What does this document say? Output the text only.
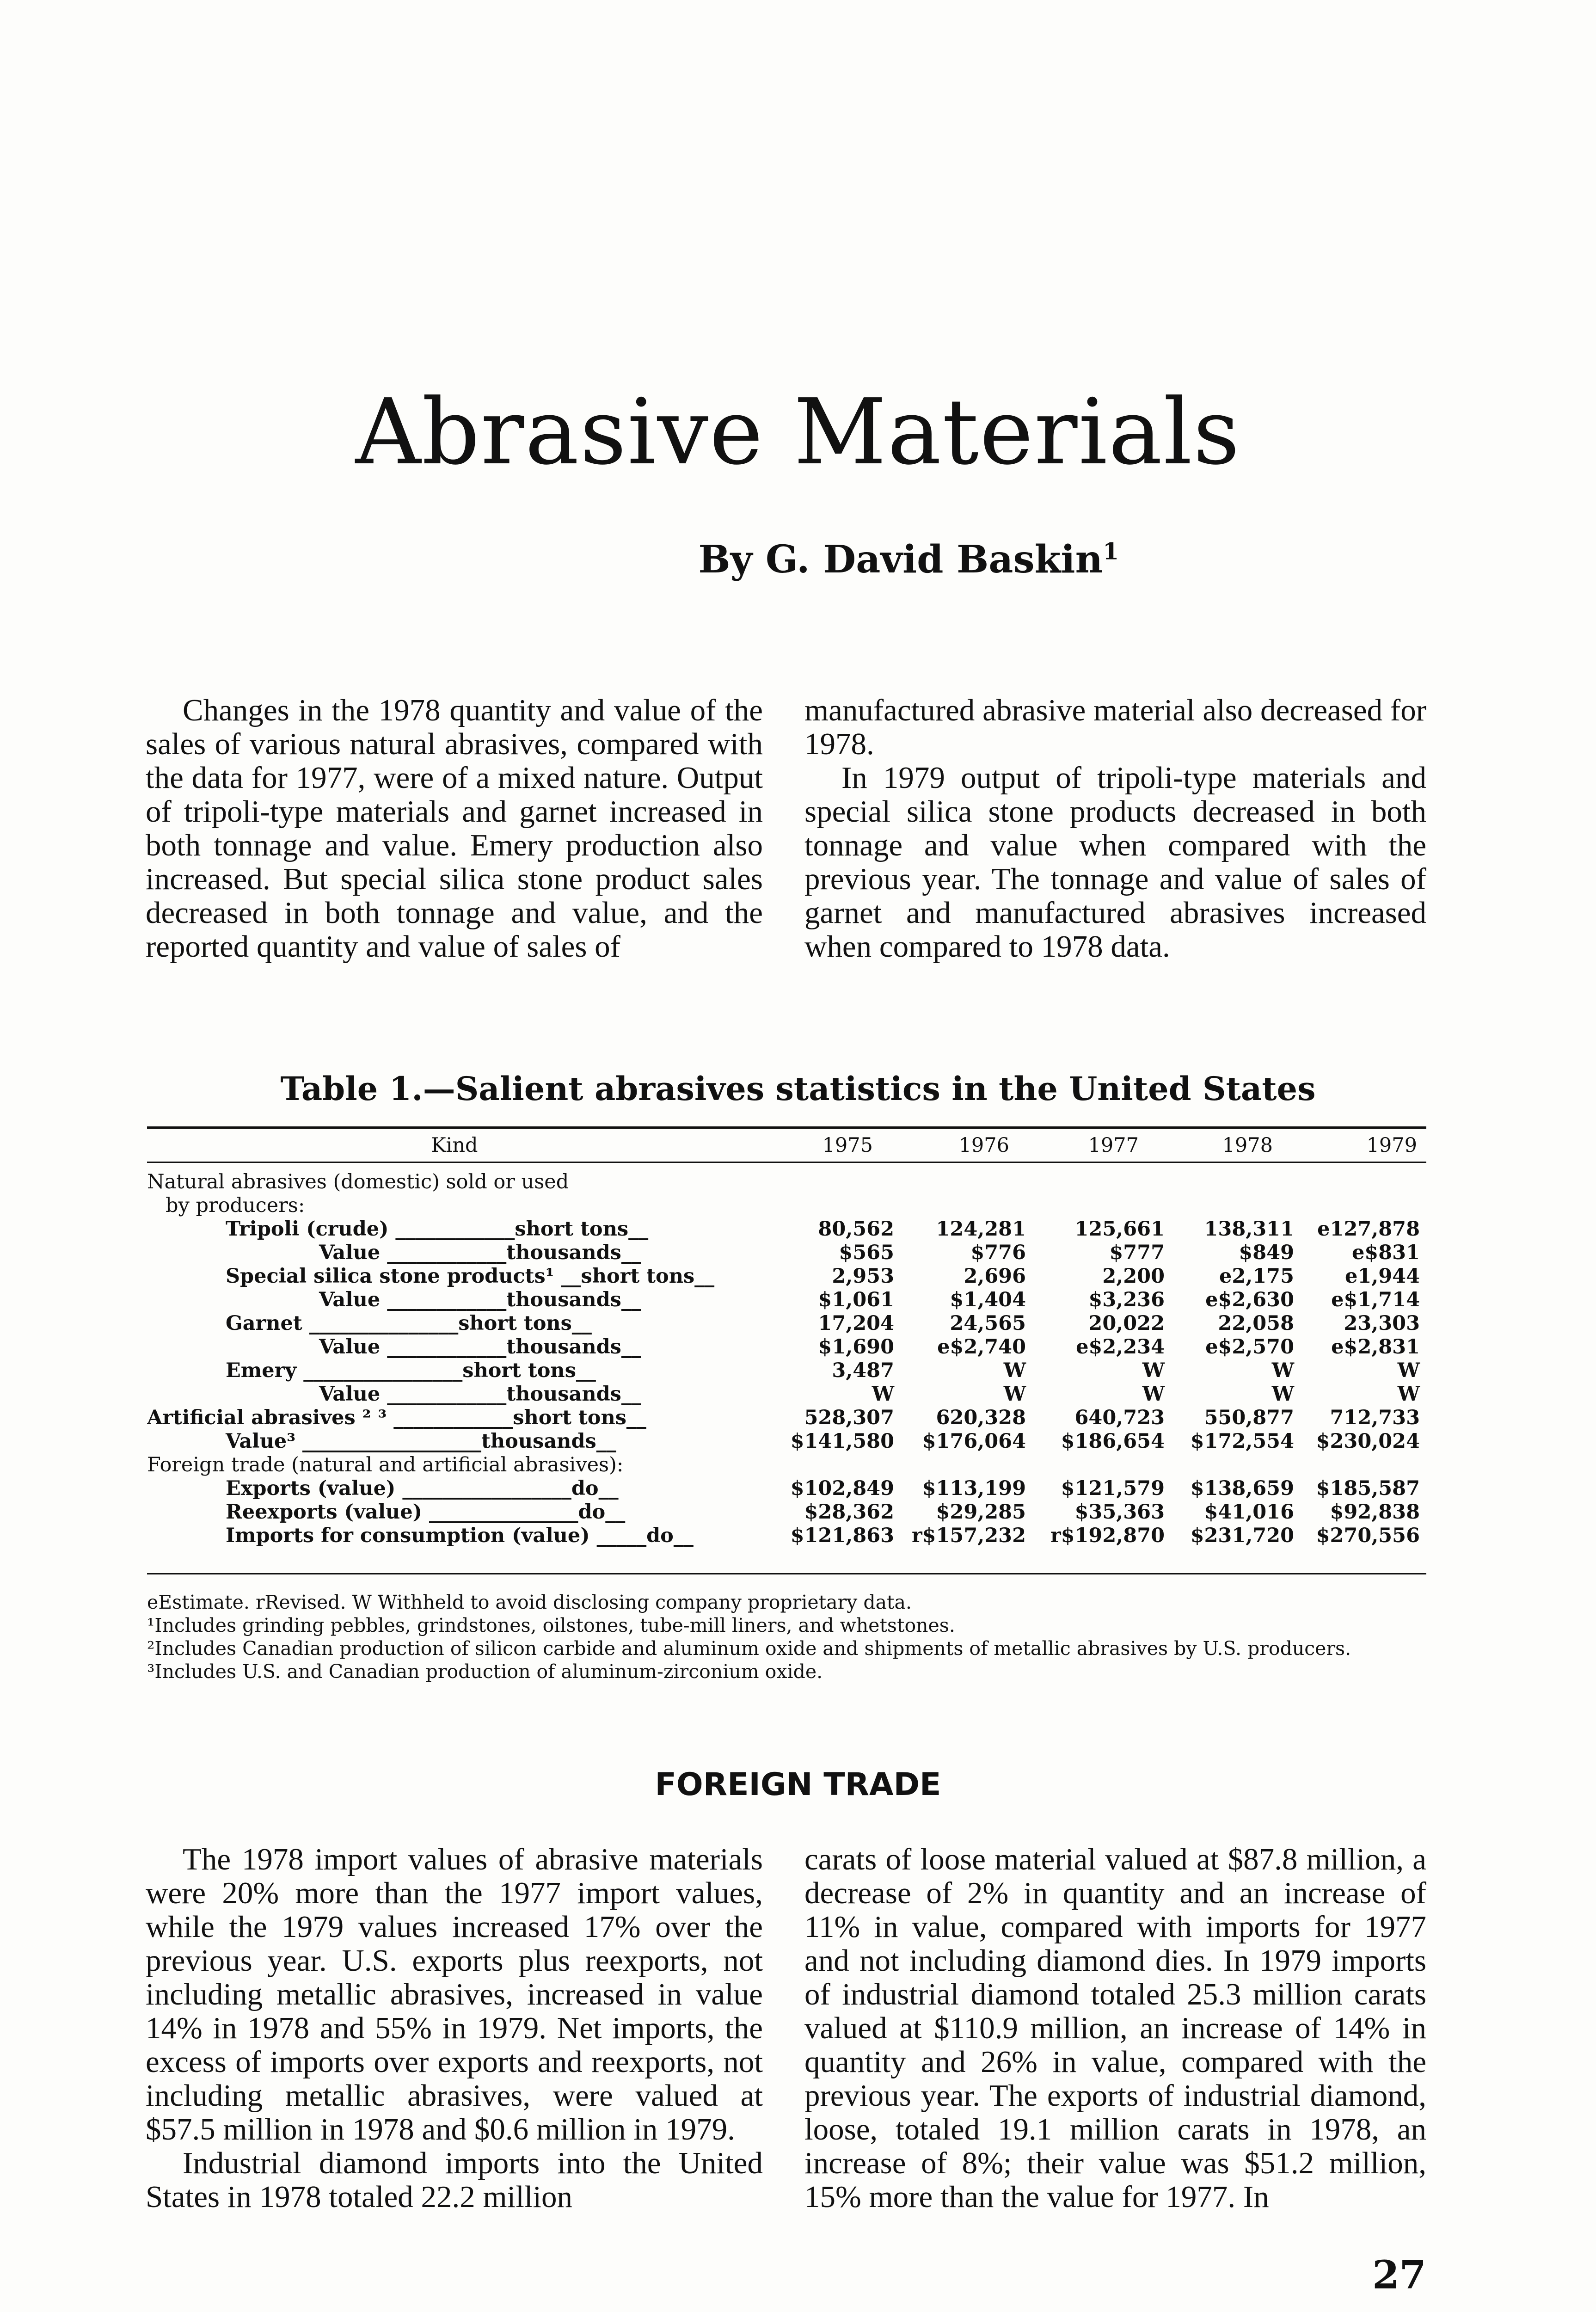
Abrasive Materials
By G. David Baskin$^1$

Changes in the 1978 quantity and value of the sales of various natural abrasives, compared with the data for 1977, were of a mixed nature. Output of tripoli-type materials and garnet increased in both tonnage and value. Emery production also increased. But special silica stone product sales decreased in both tonnage and value, and the reported quantity and value of sales of

manufactured abrasive material also decreased for 1978.

In 1979 output of tripoli-type materials and special silica stone products decreased in both tonnage and value when compared with the previous year. The tonnage and value of sales of garnet and manufactured abrasives increased when compared to 1978 data.

Table 1.—Salient abrasives statistics in the United States
Kind	1975	1976	1977	1978	1979

Natural abrasives (domestic) sold or used					
by producers:					
Tripoli (crude) ____________short tons__	80,562	124,281	125,661	138,311	e127,878
Value ____________thousands__	$565	$776	$777	$849	e$831
Special silica stone products¹ __short tons__	2,953	2,696	2,200	e2,175	e1,944
Value ____________thousands__	$1,061	$1,404	$3,236	e$2,630	e$1,714
Garnet _______________short tons__	17,204	24,565	20,022	22,058	23,303
Value ____________thousands__	$1,690	e$2,740	e$2,234	e$2,570	e$2,831
Emery ________________short tons__	3,487	W	W	W	W
Value ____________thousands__	W	W	W	W	W
Artificial abrasives ² ³ ____________short tons__	528,307	620,328	640,723	550,877	712,733
Value³ __________________thousands__	$141,580	$176,064	$186,654	$172,554	$230,024
Foreign trade (natural and artificial abrasives):					
Exports (value) _________________do__	$102,849	$113,199	$121,579	$138,659	$185,587
Reexports (value) _______________do__	$28,362	$29,285	$35,363	$41,016	$92,838
Imports for consumption (value) _____do__	$121,863	r$157,232	r$192,870	$231,720	$270,556

eEstimate. rRevised. W Withheld to avoid disclosing company proprietary data.

¹Includes grinding pebbles, grindstones, oilstones, tube-mill liners, and whetstones.

²Includes Canadian production of silicon carbide and aluminum oxide and shipments of metallic abrasives by U.S. producers.

³Includes U.S. and Canadian production of aluminum-zirconium oxide.

FOREIGN TRADE

The 1978 import values of abrasive materials were 20% more than the 1977 import values, while the 1979 values increased 17% over the previous year. U.S. exports plus reexports, not including metallic abrasives, increased in value 14% in 1978 and 55% in 1979. Net imports, the excess of imports over exports and reexports, not including metallic abrasives, were valued at $57.5 million in 1978 and $0.6 million in 1979.

Industrial diamond imports into the United States in 1978 totaled 22.2 million

carats of loose material valued at $87.8 million, a decrease of 2% in quantity and an increase of 11% in value, compared with imports for 1977 and not including diamond dies. In 1979 imports of industrial diamond totaled 25.3 million carats valued at $110.9 million, an increase of 14% in quantity and 26% in value, compared with the previous year. The exports of industrial diamond, loose, totaled 19.1 million carats in 1978, an increase of 8%; their value was $51.2 million, 15% more than the value for 1977. In

27
